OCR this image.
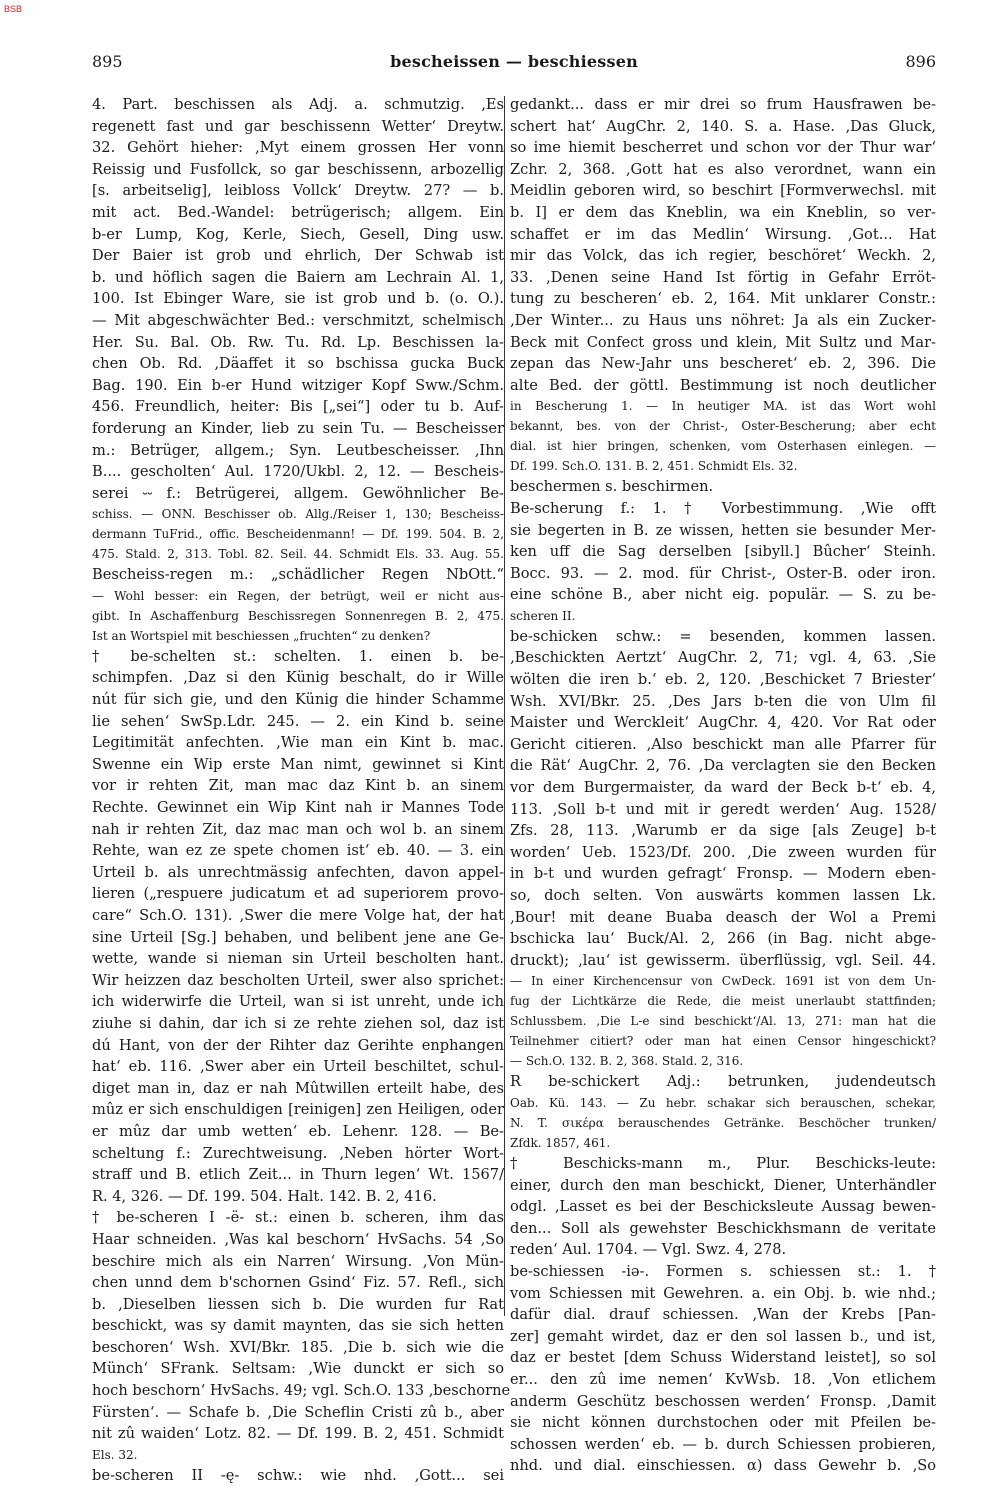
BSB
895	bescheissen — beschiessen	896
4. Part. beschissen als Adj. a. schmutzig. ‚Es
regenett fast und gar beschissenn Wetter‘ Dreytw.
32. Gehört hieher: ‚Myt einem grossen Her vonn
Reissig und Fusfollck, so gar beschissenn, arbozellig
[s. arbeitselig], leibloss Vollck‘ Dreytw. 27? — b.
mit act. Bed.-Wandel: betrügerisch; allgem. Ein
b-er Lump, Kog, Kerle, Siech, Gesell, Ding usw.
Der Baier ist grob und ehrlich, Der Schwab ist
b. und höflich sagen die Baiern am Lechrain Al. 1,
100. Ist Ebinger Ware, sie ist grob und b. (o. O.).
— Mit abgeschwächter Bed.: verschmitzt, schelmisch
Her. Su. Bal. Ob. Rw. Tu. Rd. Lp. Beschissen la-
chen Ob. Rd. ‚Däaffet it so bschissa gucka Buck
Bag. 190. Ein b-er Hund witziger Kopf Sww./Schm.
456. Freundlich, heiter: Bis [„sei“] oder tu b. Auf-
forderung an Kinder, lieb zu sein Tu. — Bescheisser
m.: Betrüger, allgem.; Syn. Leutbescheisser. ‚Ihn
B.... gescholten‘ Aul. 1720/Ukbl. 2, 12. — Bescheis-
serei ⏑⏑ f.: Betrügerei, allgem. Gewöhnlicher Be-
schiss. — ONN. Beschisser ob. Allg./Reiser 1, 130; Bescheiss-
dermann TuFrid., offic. Bescheidenmann! — Df. 199. 504. B. 2,
475. Stald. 2, 313. Tobl. 82. Seil. 44. Schmidt Els. 33. Aug. 55.
Bescheiss-regen m.: „schädlicher Regen NbOtt.“
— Wohl besser: ein Regen, der betrügt, weil er nicht aus-
gibt. In Aschaffenburg Beschissregen Sonnenregen B. 2, 475.
Ist an Wortspiel mit beschiessen „fruchten“ zu denken?
† be-schelten st.: schelten. 1. einen b. be-
schimpfen. ‚Daz si den Künig beschalt, do ir Wille
nút für sich gie, und den Künig die hinder Schamme
lie sehen‘ SwSp.Ldr. 245. — 2. ein Kind b. seine
Legitimität anfechten. ‚Wie man ein Kint b. mac.
Swenne ein Wip erste Man nimt, gewinnet si Kint
vor ir rehten Zit, man mac daz Kint b. an sinem
Rechte. Gewinnet ein Wip Kint nah ir Mannes Tode
nah ir rehten Zit, daz mac man och wol b. an sinem
Rehte, wan ez ze spete chomen ist‘ eb. 40. — 3. ein
Urteil b. als unrechtmässig anfechten, davon appel-
lieren („respuere judicatum et ad superiorem provo-
care“ Sch.O. 131). ‚Swer die mere Volge hat, der hat
sine Urteil [Sg.] behaben, und belibent jene ane Ge-
wette, wande si nieman sin Urteil bescholten hant.
Wir heizzen daz bescholten Urteil, swer also sprichet:
ich widerwirfe die Urteil, wan si ist unreht, unde ich
ziuhe si dahin, dar ich si ze rehte ziehen sol, daz ist
dú Hant, von der der Rihter daz Gerihte enphangen
hat‘ eb. 116. ‚Swer aber ein Urteil beschiltet, schul-
diget man in, daz er nah Mûtwillen erteilt habe, des
mûz er sich enschuldigen [reinigen] zen Heiligen, oder
er mûz dar umb wetten‘ eb. Lehenr. 128. — Be-
scheltung f.: Zurechtweisung. ‚Neben hörter Wort-
straff und B. etlich Zeit... in Thurn legen‘ Wt. 1567/
R. 4, 326. — Df. 199. 504. Halt. 142. B. 2, 416.
† be-scheren I -ë- st.: einen b. scheren, ihm das
Haar schneiden. ‚Was kal beschorn‘ HvSachs. 54 ‚So
beschire mich als ein Narren‘ Wirsung. ‚Von Mün-
chen unnd dem b'schornen Gsind‘ Fiz. 57. Refl., sich
b. ‚Dieselben liessen sich b. Die wurden fur Rat
beschickt, was sy damit maynten, das sie sich hetten
beschoren‘ Wsh. XVI/Bkr. 185. ‚Die b. sich wie die
Münch‘ SFrank. Seltsam: ‚Wie dunckt er sich so
hoch beschorn‘ HvSachs. 49; vgl. Sch.O. 133 ‚beschorne
Fürsten‘. — Schafe b. ‚Die Scheflin Cristi zû b., aber
nit zû waiden‘ Lotz. 82. — Df. 199. B. 2, 451. Schmidt
Els. 32.
be-scheren II -ę- schw.: wie nhd. ‚Gott... sei
gedankt... dass er mir drei so frum Hausfrawen be-
schert hat‘ AugChr. 2, 140. S. a. Hase. ‚Das Gluck,
so ime hiemit bescherret und schon vor der Thur war‘
Zchr. 2, 368. ‚Gott hat es also verordnet, wann ein
Meidlin geboren wird, so beschirt [Formverwechsl. mit
b. I] er dem das Kneblin, wa ein Kneblin, so ver-
schaffet er im das Medlin‘ Wirsung. ‚Got... Hat
mir das Volck, das ich regier, beschöret‘ Weckh. 2,
33. ‚Denen seine Hand Ist förtig in Gefahr Erröt-
tung zu bescheren‘ eb. 2, 164. Mit unklarer Constr.:
‚Der Winter... zu Haus uns nöhret: Ja als ein Zucker-
Beck mit Confect gross und klein, Mit Sultz und Mar-
zepan das New-Jahr uns bescheret‘ eb. 2, 396. Die
alte Bed. der göttl. Bestimmung ist noch deutlicher
in Bescherung 1. — In heutiger MA. ist das Wort wohl
bekannt, bes. von der Christ-, Oster-Bescherung; aber echt
dial. ist hier bringen, schenken, vom Osterhasen einlegen. —
Df. 199. Sch.O. 131. B. 2, 451. Schmidt Els. 32.
beschermen s. beschirmen.
Be-scherung f.: 1. † Vorbestimmung. ‚Wie offt
sie begerten in B. ze wissen, hetten sie besunder Mer-
ken uff die Sag derselben [sibyll.] Bûcher‘ Steinh.
Bocc. 93. — 2. mod. für Christ-, Oster-B. oder iron.
eine schöne B., aber nicht eig. populär. — S. zu be-
scheren II.
be-schicken schw.: = besenden, kommen lassen.
‚Beschickten Aertzt‘ AugChr. 2, 71; vgl. 4, 63. ‚Sie
wölten die iren b.‘ eb. 2, 120. ‚Beschicket 7 Briester‘
Wsh. XVI/Bkr. 25. ‚Des Jars b-ten die von Ulm fil
Maister und Werckleit‘ AugChr. 4, 420. Vor Rat oder
Gericht citieren. ‚Also beschickt man alle Pfarrer für
die Rät‘ AugChr. 2, 76. ‚Da verclagten sie den Becken
vor dem Burgermaister, da ward der Beck b-t‘ eb. 4,
113. ‚Soll b-t und mit ir geredt werden‘ Aug. 1528/
Zfs. 28, 113. ‚Warumb er da sige [als Zeuge] b-t
worden‘ Ueb. 1523/Df. 200. ‚Die zween wurden für
in b-t und wurden gefragt‘ Fronsp. — Modern eben-
so, doch selten. Von auswärts kommen lassen Lk.
‚Bour! mit deane Buaba deasch der Wol a Premi
bschicka lau‘ Buck/Al. 2, 266 (in Bag. nicht abge-
druckt); ‚lau‘ ist gewisserm. überflüssig, vgl. Seil. 44.
— In einer Kirchencensur von CwDeck. 1691 ist von dem Un-
fug der Lichtkärze die Rede, die meist unerlaubt stattfinden;
Schlussbem. ‚Die L-e sind beschickt‘/Al. 13, 271: man hat die
Teilnehmer citiert? oder man hat einen Censor hingeschickt?
— Sch.O. 132. B. 2, 368. Stald. 2, 316.
R be-schickert Adj.: betrunken, judendeutsch
Oab. Kü. 143. — Zu hebr. schakar sich berauschen, schekar,
N. T. σικέρα berauschendes Getränke. Beschöcher trunken/
Zfdk. 1857, 461.
† Beschicks-mann m., Plur. Beschicks-leute:
einer, durch den man beschickt, Diener, Unterhändler
odgl. ‚Lasset es bei der Beschicksleute Aussag bewen-
den... Soll als gewehster Beschickhsmann de veritate
reden‘ Aul. 1704. — Vgl. Swz. 4, 278.
be-schiessen -iə-. Formen s. schiessen st.: 1. †
vom Schiessen mit Gewehren. a. ein Obj. b. wie nhd.;
dafür dial. drauf schiessen. ‚Wan der Krebs [Pan-
zer] gemaht wirdet, daz er den sol lassen b., und ist,
daz er bestet [dem Schuss Widerstand leistet], so sol
er... den zû ime nemen‘ KvWsb. 18. ‚Von etlichem
anderm Geschütz beschossen werden‘ Fronsp. ‚Damit
sie nicht können durchstochen oder mit Pfeilen be-
schossen werden‘ eb. — b. durch Schiessen probieren,
nhd. und dial. einschiessen. α) dass Gewehr b. ‚So
